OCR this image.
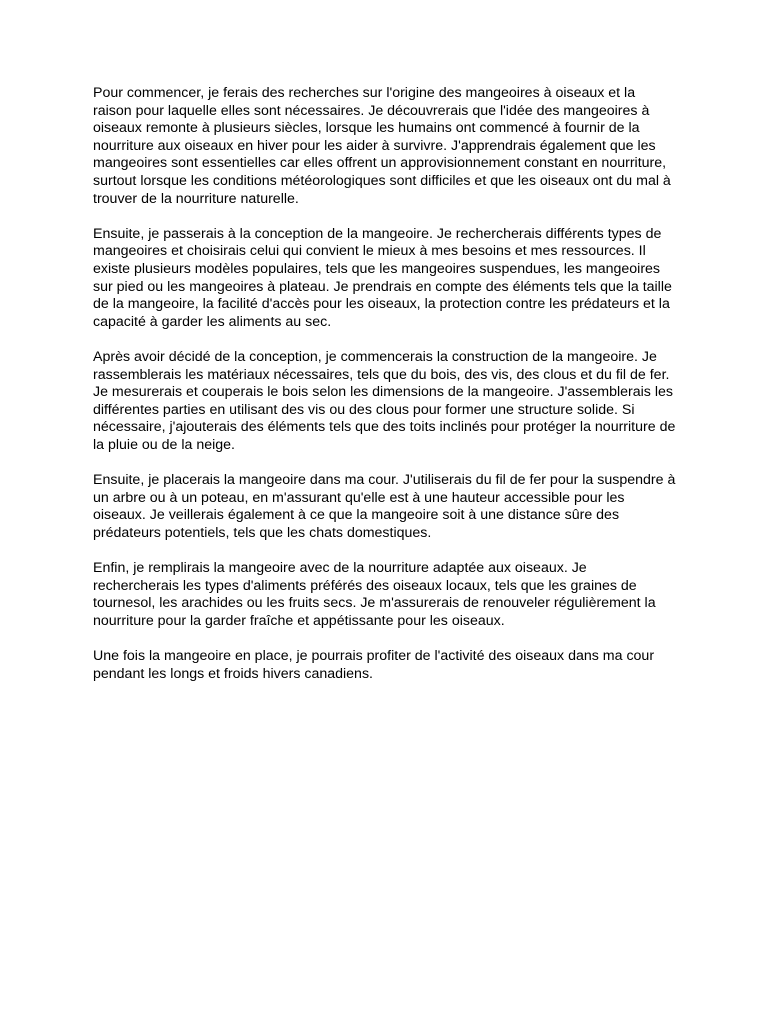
Pour commencer, je ferais des recherches sur l'origine des mangeoires à oiseaux et la
raison pour laquelle elles sont nécessaires. Je découvrerais que l'idée des mangeoires à
oiseaux remonte à plusieurs siècles, lorsque les humains ont commencé à fournir de la
nourriture aux oiseaux en hiver pour les aider à survivre. J'apprendrais également que les
mangeoires sont essentielles car elles offrent un approvisionnement constant en nourriture,
surtout lorsque les conditions météorologiques sont difficiles et que les oiseaux ont du mal à
trouver de la nourriture naturelle.

Ensuite, je passerais à la conception de la mangeoire. Je rechercherais différents types de
mangeoires et choisirais celui qui convient le mieux à mes besoins et mes ressources. Il
existe plusieurs modèles populaires, tels que les mangeoires suspendues, les mangeoires
sur pied ou les mangeoires à plateau. Je prendrais en compte des éléments tels que la taille
de la mangeoire, la facilité d'accès pour les oiseaux, la protection contre les prédateurs et la
capacité à garder les aliments au sec.

Après avoir décidé de la conception, je commencerais la construction de la mangeoire. Je
rassemblerais les matériaux nécessaires, tels que du bois, des vis, des clous et du fil de fer.
Je mesurerais et couperais le bois selon les dimensions de la mangeoire. J'assemblerais les
différentes parties en utilisant des vis ou des clous pour former une structure solide. Si
nécessaire, j'ajouterais des éléments tels que des toits inclinés pour protéger la nourriture de
la pluie ou de la neige.

Ensuite, je placerais la mangeoire dans ma cour. J'utiliserais du fil de fer pour la suspendre à
un arbre ou à un poteau, en m'assurant qu'elle est à une hauteur accessible pour les
oiseaux. Je veillerais également à ce que la mangeoire soit à une distance sûre des
prédateurs potentiels, tels que les chats domestiques.

Enfin, je remplirais la mangeoire avec de la nourriture adaptée aux oiseaux. Je
rechercherais les types d'aliments préférés des oiseaux locaux, tels que les graines de
tournesol, les arachides ou les fruits secs. Je m'assurerais de renouveler régulièrement la
nourriture pour la garder fraîche et appétissante pour les oiseaux.

Une fois la mangeoire en place, je pourrais profiter de l'activité des oiseaux dans ma cour
pendant les longs et froids hivers canadiens.
